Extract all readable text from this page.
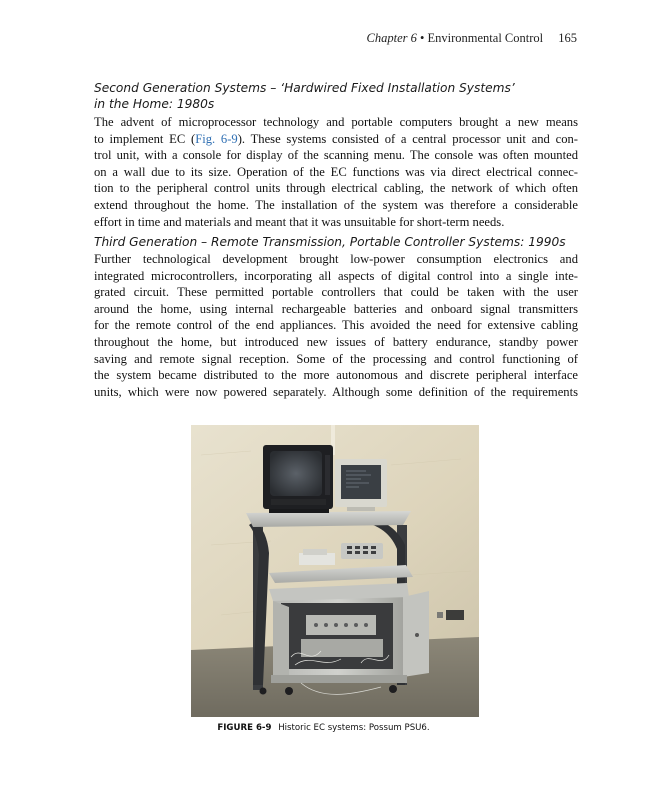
Chapter 6 • Environmental Control 165
Second Generation Systems – ‘Hardwired Fixed Installation Systems’
in the Home: 1980s
The advent of microprocessor technology and portable computers brought a new means
to implement EC (Fig. 6-9). These systems consisted of a central processor unit and con-
trol unit, with a console for display of the scanning menu. The console was often mounted
on a wall due to its size. Operation of the EC functions was via direct electrical connec-
tion to the peripheral control units through electrical cabling, the network of which often
extend throughout the home. The installation of the system was therefore a considerable
effort in time and materials and meant that it was unsuitable for short-term needs.
Third Generation – Remote Transmission, Portable Controller Systems: 1990s
Further technological development brought low-power consumption electronics and
integrated microcontrollers, incorporating all aspects of digital control into a single inte-
grated circuit. These permitted portable controllers that could be taken with the user
around the home, using internal rechargeable batteries and onboard signal transmitters
for the remote control of the end appliances. This avoided the need for extensive cabling
throughout the home, but introduced new issues of battery endurance, standby power
saving and remote signal reception. Some of the processing and control functioning of
the system became distributed to the more autonomous and discrete peripheral interface
units, which were now powered separately. Although some definition of the requirements
FIGURE 6-9 Historic EC systems: Possum PSU6.
